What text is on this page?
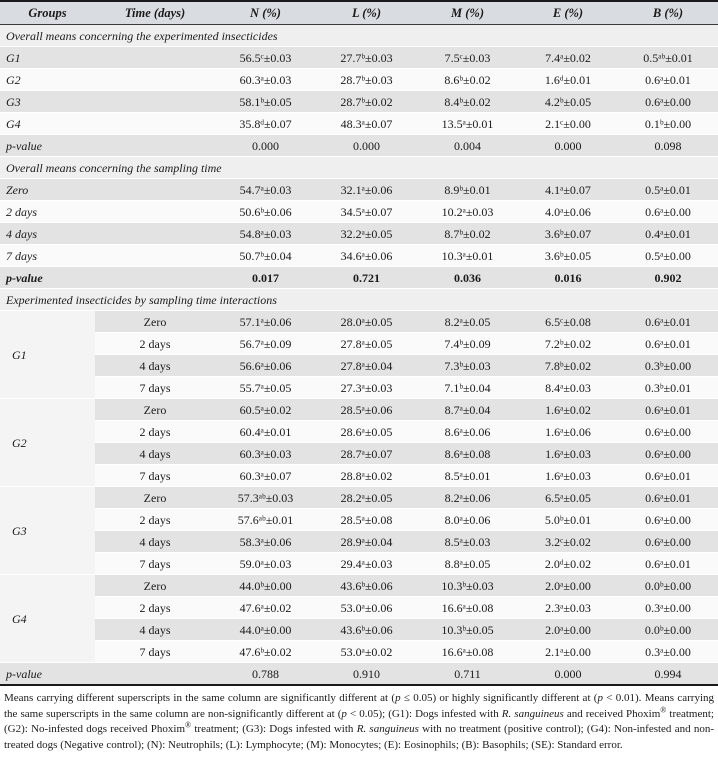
Groups	Time (days)	N (%)	L (%)	M (%)	E (%)	B (%)
Overall means concerning the experimented insecticides						
G1		56.5ᶜ±0.03	27.7ᵇ±0.03	7.5ᶜ±0.03	7.4ᵃ±0.02	0.5ᵃᵇ±0.01
G2		60.3ᵃ±0.03	28.7ᵇ±0.03	8.6ᵇ±0.02	1.6ᵈ±0.01	0.6ᵃ±0.01
G3		58.1ᵇ±0.05	28.7ᵇ±0.02	8.4ᵇ±0.02	4.2ᵇ±0.05	0.6ᵃ±0.00
G4		35.8ᵈ±0.07	48.3ᵃ±0.07	13.5ᵃ±0.01	2.1ᶜ±0.00	0.1ᵇ±0.00
p-value		0.000	0.000	0.004	0.000	0.098
Overall means concerning the sampling time						
Zero		54.7ᵃ±0.03	32.1ᵃ±0.06	8.9ᵇ±0.01	4.1ᵃ±0.07	0.5ᵃ±0.01
2 days		50.6ᵇ±0.06	34.5ᵃ±0.07	10.2ᵃ±0.03	4.0ᵃ±0.06	0.6ᵃ±0.00
4 days		54.8ᵃ±0.03	32.2ᵃ±0.05	8.7ᵇ±0.02	3.6ᵇ±0.07	0.4ᵃ±0.01
7 days		50.7ᵇ±0.04	34.6ᵃ±0.06	10.3ᵃ±0.01	3.6ᵇ±0.05	0.5ᵃ±0.00
p-value		0.017	0.721	0.036	0.016	0.902
Experimented insecticides by sampling time interactions						
G1	Zero	57.1ᵃ±0.06	28.0ᵃ±0.05	8.2ᵃ±0.05	6.5ᶜ±0.08	0.6ᵃ±0.01
	2 days	56.7ᵃ±0.09	27.8ᵃ±0.05	7.4ᵇ±0.09	7.2ᵇ±0.02	0.6ᵃ±0.01
	4 days	56.6ᵃ±0.06	27.8ᵃ±0.04	7.3ᵇ±0.03	7.8ᵇ±0.02	0.3ᵇ±0.00
	7 days	55.7ᵃ±0.05	27.3ᵃ±0.03	7.1ᵇ±0.04	8.4ᵃ±0.03	0.3ᵇ±0.01
G2	Zero	60.5ᵃ±0.02	28.5ᵃ±0.06	8.7ᵃ±0.04	1.6ᵃ±0.02	0.6ᵃ±0.01
	2 days	60.4ᵃ±0.01	28.6ᵃ±0.05	8.6ᵃ±0.06	1.6ᵃ±0.06	0.6ᵃ±0.00
	4 days	60.3ᵃ±0.03	28.7ᵃ±0.07	8.6ᵃ±0.08	1.6ᵃ±0.03	0.6ᵃ±0.00
	7 days	60.3ᵃ±0.07	28.8ᵃ±0.02	8.5ᵃ±0.01	1.6ᵃ±0.03	0.6ᵃ±0.01
G3	Zero	57.3ᵃᵇ±0.03	28.2ᵃ±0.05	8.2ᵃ±0.06	6.5ᵃ±0.05	0.6ᵃ±0.01
	2 days	57.6ᵃᵇ±0.01	28.5ᵃ±0.08	8.0ᵃ±0.06	5.0ᵇ±0.01	0.6ᵃ±0.00
	4 days	58.3ᵃ±0.06	28.9ᵃ±0.04	8.5ᵃ±0.03	3.2ᶜ±0.02	0.6ᵃ±0.00
	7 days	59.0ᵃ±0.03	29.4ᵃ±0.03	8.8ᵃ±0.05	2.0ᵈ±0.02	0.6ᵃ±0.01
G4	Zero	44.0ᵇ±0.00	43.6ᵇ±0.06	10.3ᵇ±0.03	2.0ᵃ±0.00	0.0ᵇ±0.00
	2 days	47.6ᵃ±0.02	53.0ᵃ±0.06	16.6ᵃ±0.08	2.3ᵃ±0.03	0.3ᵃ±0.00
	4 days	44.0ᵃ±0.00	43.6ᵇ±0.06	10.3ᵇ±0.05	2.0ᵃ±0.00	0.0ᵇ±0.00
	7 days	47.6ᵇ±0.02	53.0ᵃ±0.02	16.6ᵃ±0.08	2.1ᵃ±0.00	0.3ᵃ±0.00
p-value		0.788	0.910	0.711	0.000	0.994
Means carrying different superscripts in the same column are significantly different at (p ≤ 0.05) or highly significantly different at (p < 0.01). Means carrying the same superscripts in the same column are non-significantly different at (p < 0.05); (G1): Dogs infested with R. sanguineus and received Phoxim® treatment; (G2): No-infested dogs received Phoxim® treatment; (G3): Dogs infested with R. sanguineus with no treatment (positive control); (G4): Non-infested and non-treated dogs (Negative control); (N): Neutrophils; (L): Lymphocyte; (M): Monocytes; (E): Eosinophils; (B): Basophils; (SE): Standard error.
